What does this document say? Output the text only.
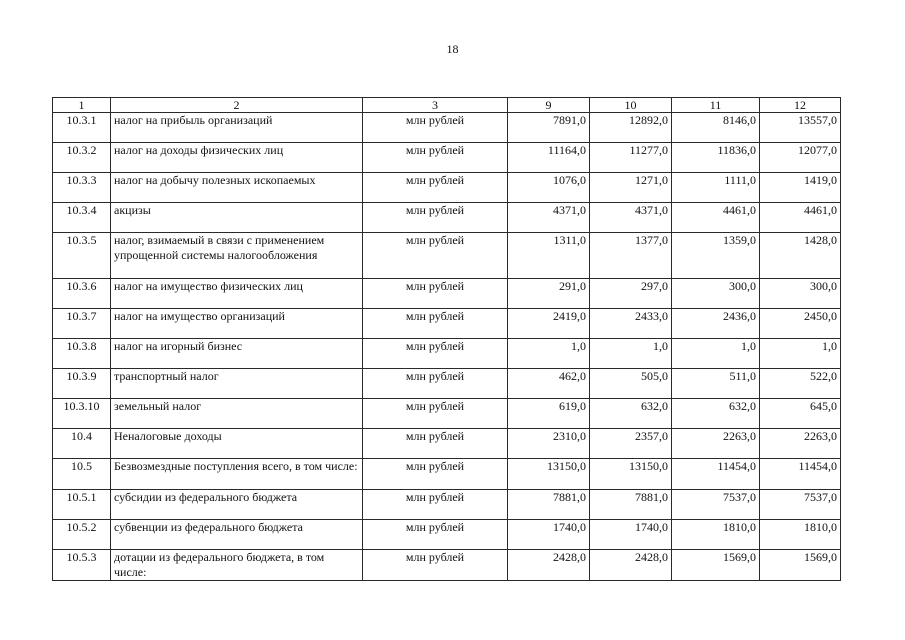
18
1	2	3	9	10	11	12
10.3.1	налог на прибыль организаций	млн рублей	7891,0	12892,0	8146,0	13557,0
10.3.2	налог на доходы физических лиц	млн рублей	11164,0	11277,0	11836,0	12077,0
10.3.3	налог на добычу полезных ископаемых	млн рублей	1076,0	1271,0	1111,0	1419,0
10.3.4	акцизы	млн рублей	4371,0	4371,0	4461,0	4461,0
10.3.5	налог, взимаемый в связи с применением упрощенной системы налогообложения	млн рублей	1311,0	1377,0	1359,0	1428,0
10.3.6	налог на имущество физических лиц	млн рублей	291,0	297,0	300,0	300,0
10.3.7	налог на имущество организаций	млн рублей	2419,0	2433,0	2436,0	2450,0
10.3.8	налог на игорный бизнес	млн рублей	1,0	1,0	1,0	1,0
10.3.9	транспортный налог	млн рублей	462,0	505,0	511,0	522,0
10.3.10	земельный налог	млн рублей	619,0	632,0	632,0	645,0
10.4	Неналоговые доходы	млн рублей	2310,0	2357,0	2263,0	2263,0
10.5	Безвозмездные поступления всего, в том числе:	млн рублей	13150,0	13150,0	11454,0	11454,0
10.5.1	субсидии из федерального бюджета	млн рублей	7881,0	7881,0	7537,0	7537,0
10.5.2	субвенции из федерального бюджета	млн рублей	1740,0	1740,0	1810,0	1810,0
10.5.3	дотации из федерального бюджета, в том числе:	млн рублей	2428,0	2428,0	1569,0	1569,0
